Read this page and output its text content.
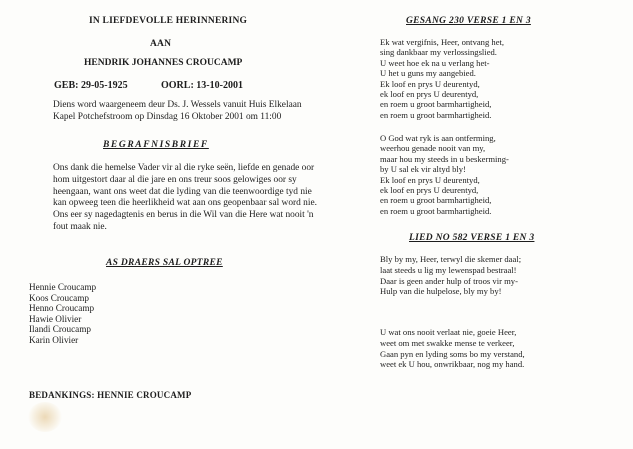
IN LIEFDEVOLLE HERINNERING
AAN
HENDRIK JOHANNES CROUCAMP
GEB: 29-05-1925	OORL: 13-10-2001
Diens word waargeneem deur Ds. J. Wessels vanuit Huis Elkelaan
Kapel Potchefstroom op Dinsdag 16 Oktober 2001 om 11:00
BEGRAFNISBRIEF
Ons dank die hemelse Vader vir al die ryke seën, liefde en genade oor
hom uitgestort daar al die jare en ons treur soos gelowiges oor sy
heengaan, want ons weet dat die lyding van die teenwoordige tyd nie
kan opweeg teen die heerlikheid wat aan ons geopenbaar sal word nie.
Ons eer sy nagedagtenis en berus in die Wil van die Here wat nooit 'n
fout maak nie.
AS DRAERS SAL OPTREE
Hennie Croucamp
Koos Croucamp
Henno Croucamp
Hawie Olivier
Ilandi Croucamp
Karin Olivier
BEDANKINGS: HENNIE CROUCAMP
GESANG 230 VERSE 1 EN 3
Ek wat vergifnis, Heer, ontvang het,
sing dankbaar my verlossingslied.
U weet hoe ek na u verlang het-
U het u guns my aangebied.
Ek loof en prys U deurentyd,
ek loof en prys U deurentyd,
en roem u groot barmhartigheid,
en roem u groot barmhartigheid.
O God wat ryk is aan ontferming,
weerhou genade nooit van my,
maar hou my steeds in u beskerming-
by U sal ek vir altyd bly!
Ek loof en prys U deurentyd,
ek loof en prys U deurentyd,
en roem u groot barmhartigheid,
en roem u groot barmhartigheid.
LIED NO 582 VERSE 1 EN 3
Bly by my, Heer, terwyl die skemer daal;
laat steeds u lig my lewenspad bestraal!
Daar is geen ander hulp of troos vir my-
Hulp van die hulpelose, bly my by!
U wat ons nooit verlaat nie, goeie Heer,
weet om met swakke mense te verkeer,
Gaan pyn en lyding soms bo my verstand,
weet ek U hou, onwrikbaar, nog my hand.
